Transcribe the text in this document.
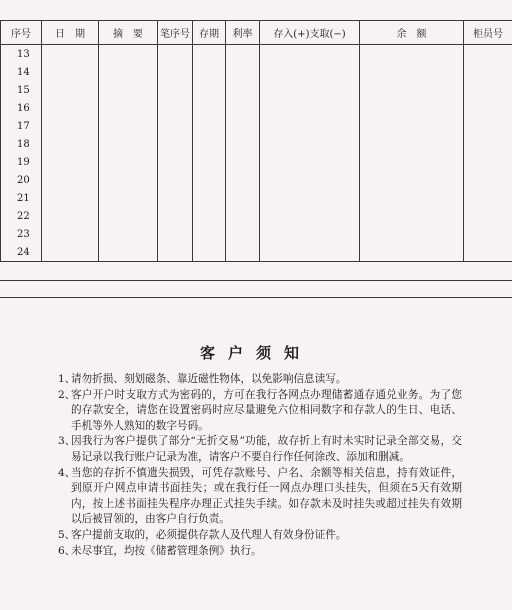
序号	日　期	摘　要	笔序号	存期	利率	存入(+)支取(−)	余　额	柜员号
13								
14								
15								
16								
17								
18								
19								
20								
21								
22								
23								
24								
客户须知
1、
请勿折损、刻划磁条、靠近磁性物体，以免影响信息读写。
2、
客户开户时支取方式为密码的，方可在我行各网点办理储蓄通存通兑业务。为了您的存款安全，请您在设置密码时应尽量避免六位相同数字和存款人的生日、电话、手机等外人熟知的数字号码。
3、
因我行为客户提供了部分“无折交易”功能，故存折上有时未实时记录全部交易，交易记录以我行账户记录为准，请客户不要自行作任何涂改、添加和删减。
4、
当您的存折不慎遗失损毁，可凭存款账号、户名、余额等相关信息，持有效证件，到原开户网点申请书面挂失；或在我行任一网点办理口头挂失，但须在5天有效期内，按上述书面挂失程序办理正式挂失手续。如存款未及时挂失或超过挂失有效期以后被冒领的，由客户自行负责。
5、
客户提前支取的，必须提供存款人及代理人有效身份证件。
6、
未尽事宜，均按《储蓄管理条例》执行。
